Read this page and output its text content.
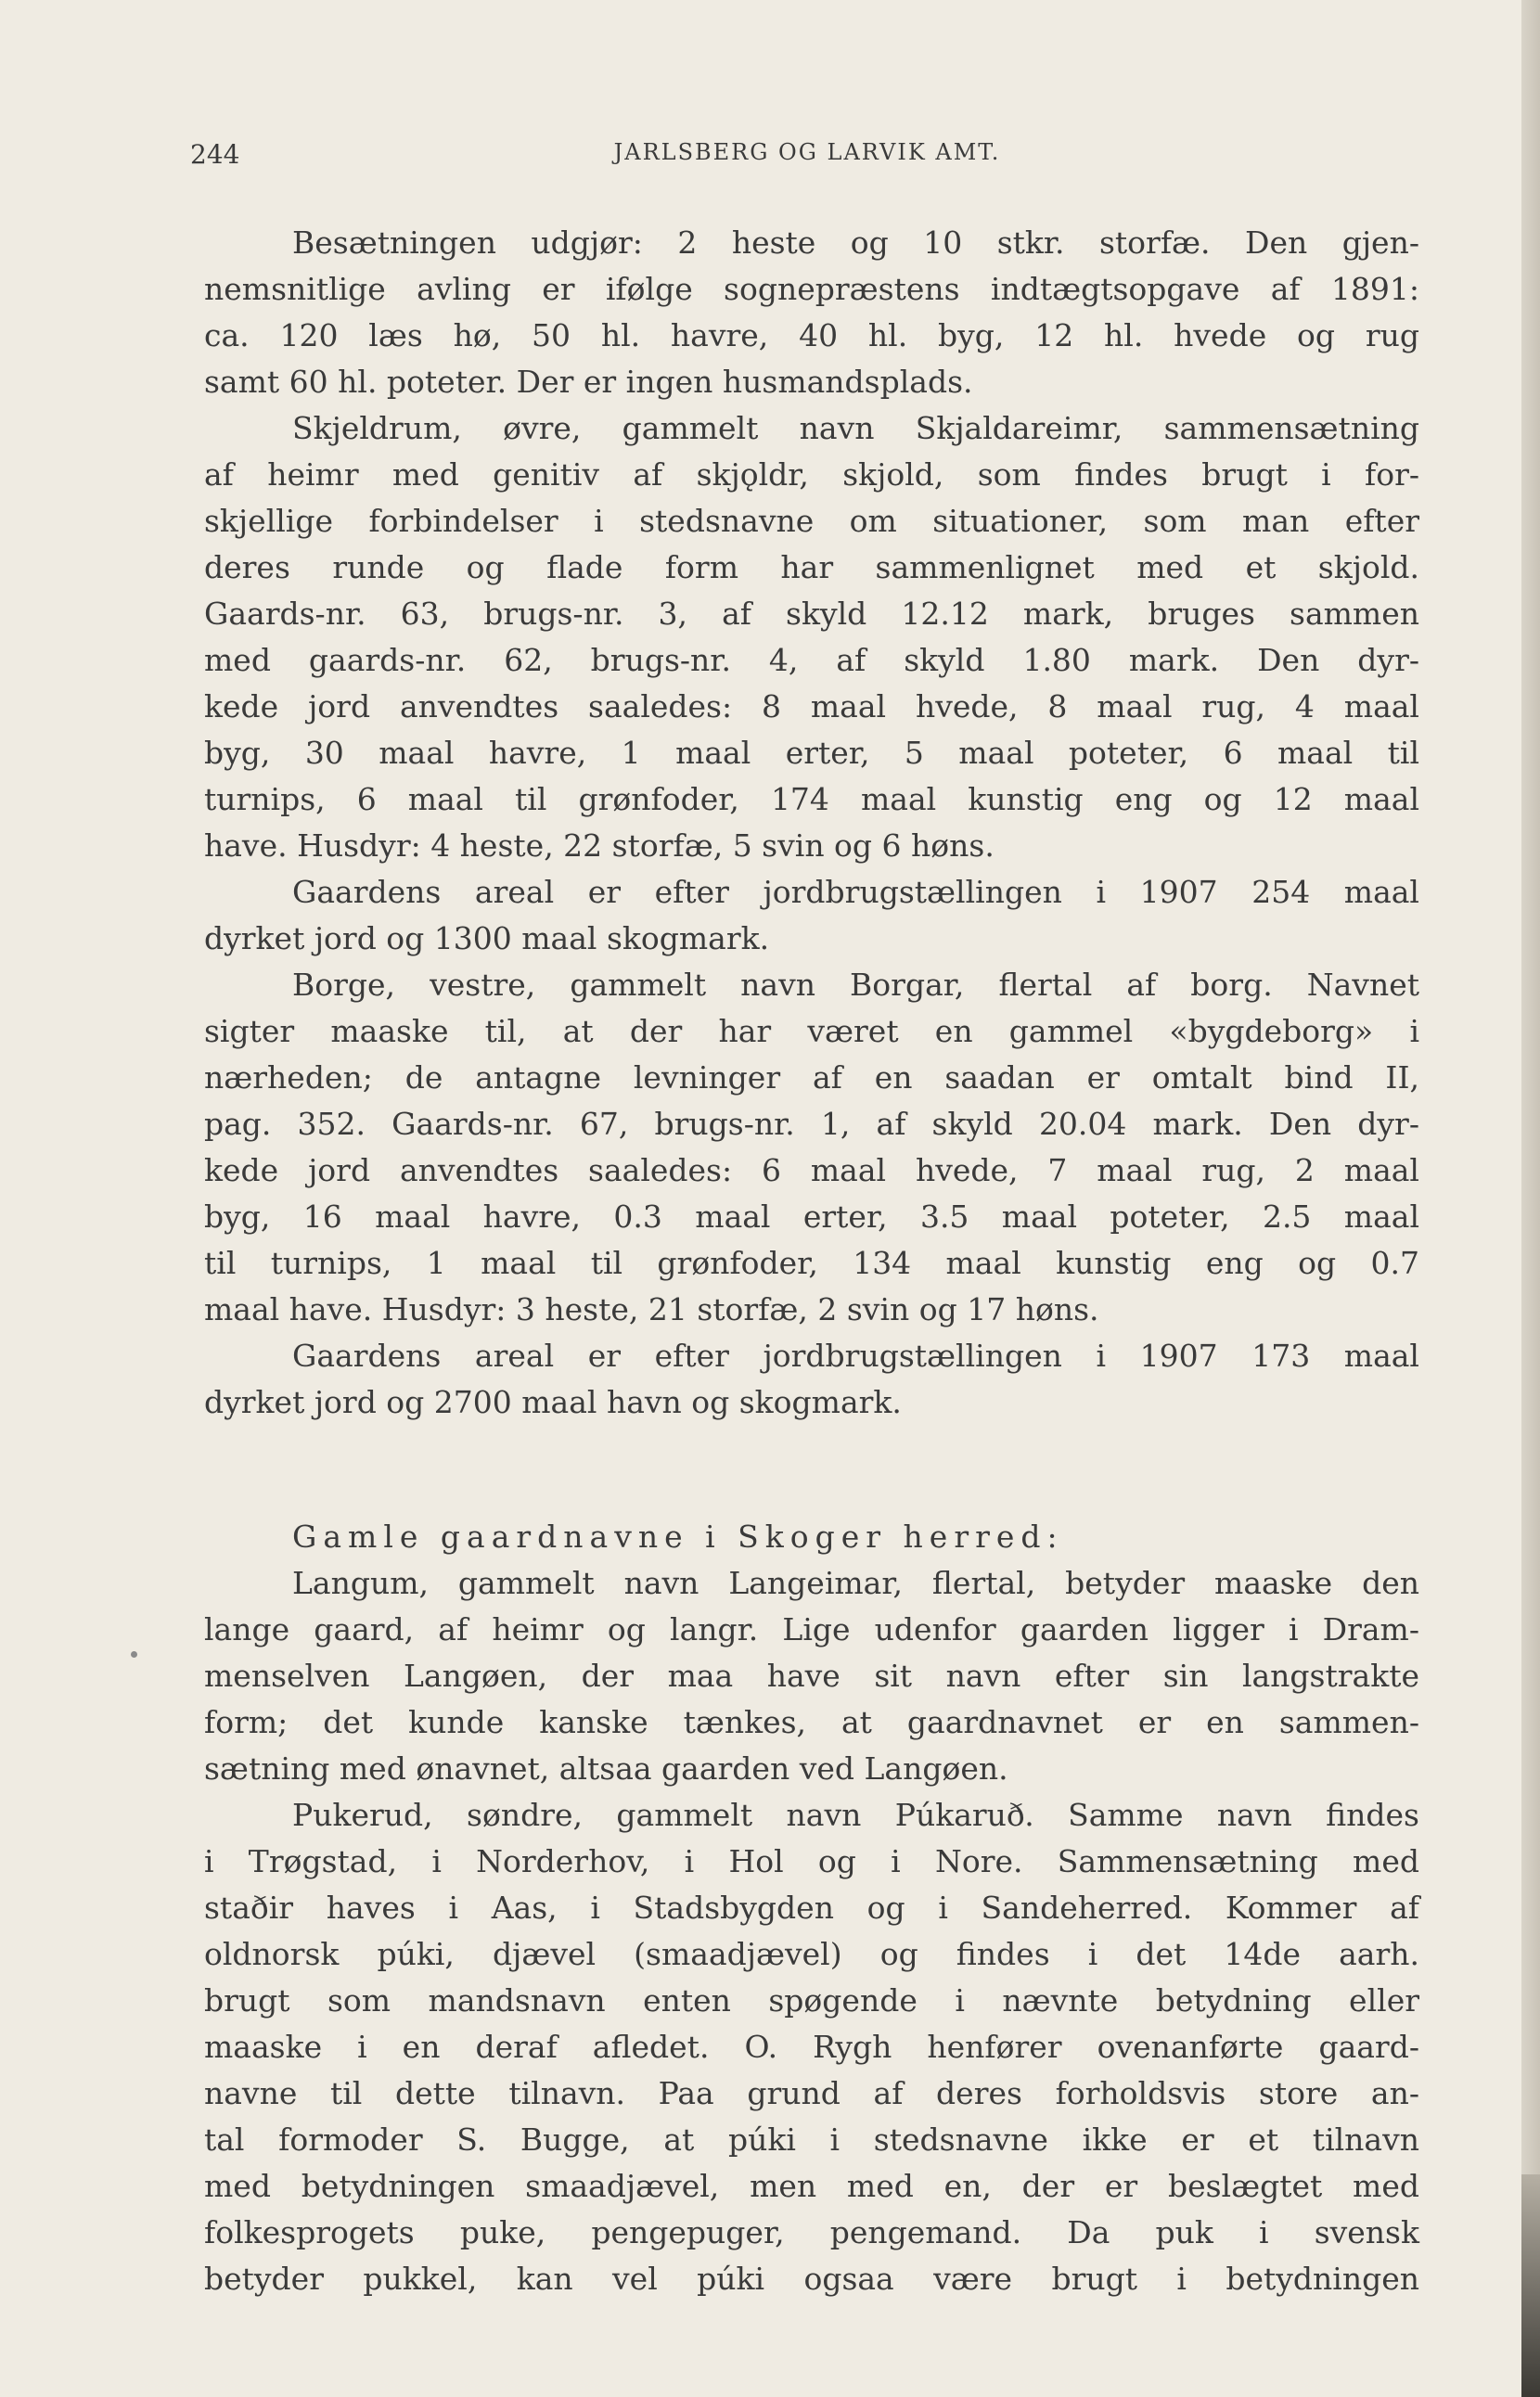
244	JARLSBERG OG LARVIK AMT.
Besætningen udgjør: 2 heste og 10 stkr. storfæ. Den gjen-
nemsnitlige avling er ifølge sognepræstens indtægtsopgave af 1891:
ca. 120 læs hø, 50 hl. havre, 40 hl. byg, 12 hl. hvede og rug
samt 60 hl. poteter. Der er ingen husmandsplads.
Skjeldrum, øvre, gammelt navn Skjaldareimr, sammensætning
af heimr med genitiv af skjǫldr, skjold, som findes brugt i for-
skjellige forbindelser i stedsnavne om situationer, som man efter
deres runde og flade form har sammenlignet med et skjold.
Gaards-nr. 63, brugs-nr. 3, af skyld 12.12 mark, bruges sammen
med gaards-nr. 62, brugs-nr. 4, af skyld 1.80 mark. Den dyr-
kede jord anvendtes saaledes: 8 maal hvede, 8 maal rug, 4 maal
byg, 30 maal havre, 1 maal erter, 5 maal poteter, 6 maal til
turnips, 6 maal til grønfoder, 174 maal kunstig eng og 12 maal
have. Husdyr: 4 heste, 22 storfæ, 5 svin og 6 høns.
Gaardens areal er efter jordbrugstællingen i 1907 254 maal
dyrket jord og 1300 maal skogmark.
Borge, vestre, gammelt navn Borgar, flertal af borg. Navnet
sigter maaske til, at der har været en gammel «bygdeborg» i
nærheden; de antagne levninger af en saadan er omtalt bind II,
pag. 352. Gaards-nr. 67, brugs-nr. 1, af skyld 20.04 mark. Den dyr-
kede jord anvendtes saaledes: 6 maal hvede, 7 maal rug, 2 maal
byg, 16 maal havre, 0.3 maal erter, 3.5 maal poteter, 2.5 maal
til turnips, 1 maal til grønfoder, 134 maal kunstig eng og 0.7
maal have. Husdyr: 3 heste, 21 storfæ, 2 svin og 17 høns.
Gaardens areal er efter jordbrugstællingen i 1907 173 maal
dyrket jord og 2700 maal havn og skogmark.
Gamle gaardnavne i Skoger herred:
Langum, gammelt navn Langeimar, flertal, betyder maaske den
lange gaard, af heimr og langr. Lige udenfor gaarden ligger i Dram-
menselven Langøen, der maa have sit navn efter sin langstrakte
form; det kunde kanske tænkes, at gaardnavnet er en sammen-
sætning med ønavnet, altsaa gaarden ved Langøen.
Pukerud, søndre, gammelt navn Púkaruð. Samme navn findes
i Trøgstad, i Norderhov, i Hol og i Nore. Sammensætning med
staðir haves i Aas, i Stadsbygden og i Sandeherred. Kommer af
oldnorsk púki, djævel (smaadjævel) og findes i det 14de aarh.
brugt som mandsnavn enten spøgende i nævnte betydning eller
maaske i en deraf afledet. O. Rygh henfører ovenanførte gaard-
navne til dette tilnavn. Paa grund af deres forholdsvis store an-
tal formoder S. Bugge, at púki i stedsnavne ikke er et tilnavn
med betydningen smaadjævel, men med en, der er beslægtet med
folkesprogets puke, pengepuger, pengemand. Da puk i svensk
betyder pukkel, kan vel púki ogsaa være brugt i betydningen
